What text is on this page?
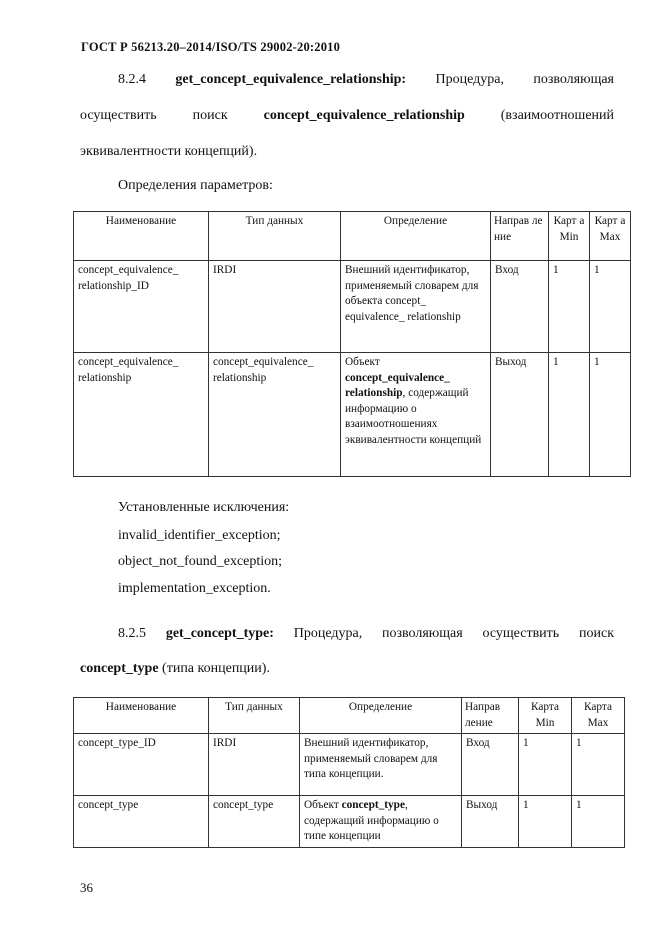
ГОСТ Р 56213.20–2014/ISO/TS 29002-20:2010
8.2.4 get_concept_equivalence_relationship: Процедура, позволяющая
осуществить	поиск	concept_equivalence_relationship	(взаимоотношений
эквивалентности концепций).
Определения параметров:
Наименование	Тип данных	Определение	Направ ле ние	Карт а Min	Карт а Max
concept_equivalence_ relationship_ID	IRDI	Внешний идентификатор, применяемый словарем для объекта concept_ equivalence_ relationship	Вход	1	1
concept_equivalence_ relationship	concept_equivalence_ relationship	Объект concept_equivalence_ relationship, содержащий информацию о взаимоотношениях эквивалентности концепций	Выход	1	1
Установленные исключения:
invalid_identifier_exception;
object_not_found_exception;
implementation_exception.
8.2.5 get_concept_type: Процедура, позволяющая осуществить поиск
concept_type (типа концепции).
Наименование	Тип данных	Определение	Направ ление	Карта Min	Карта Max
concept_type_ID	IRDI	Внешний идентификатор, применяемый словарем для типа концепции.	Вход	1	1
concept_type	concept_type	Объект concept_type, содержащий информацию о типе концепции	Выход	1	1
36
